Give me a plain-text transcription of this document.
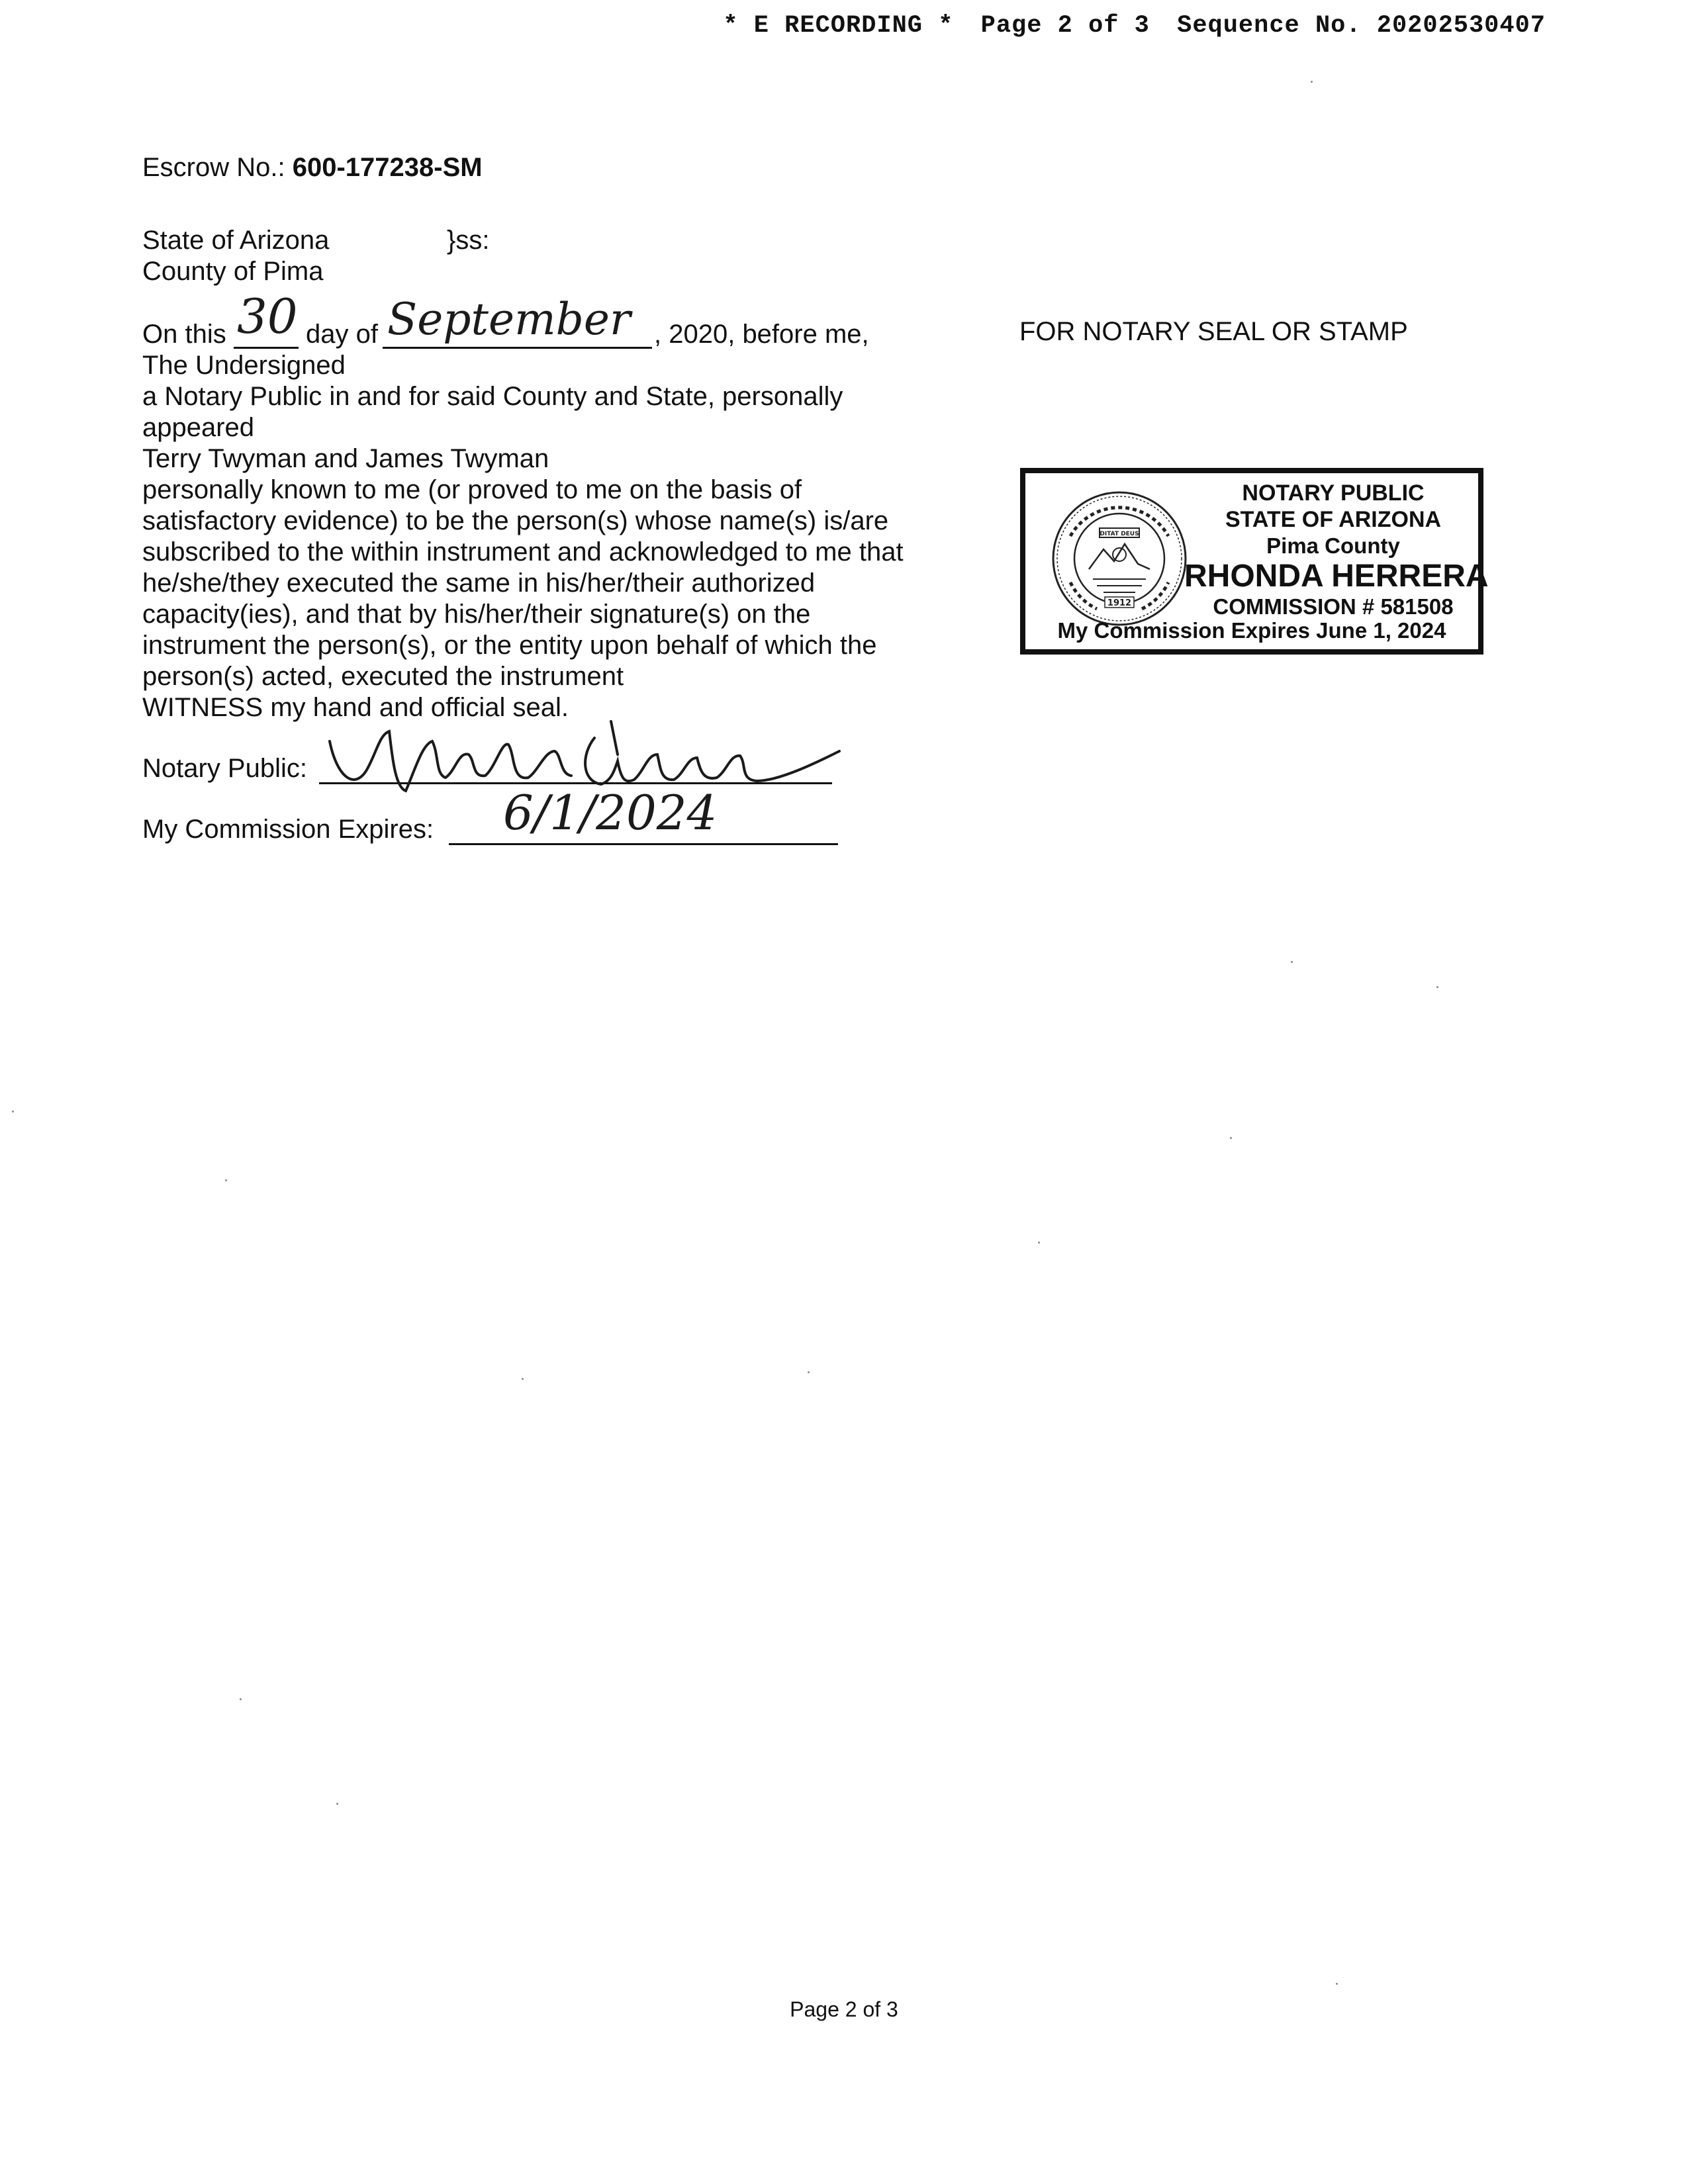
* E RECORDING * Page 2 of 3 Sequence No. 20202530407
Escrow No.: 600-177238-SM
State of Arizona	}ss:
County of Pima
On this 30 day of September , 2020, before me,
The Undersigned
a Notary Public in and for said County and State, personally
appeared
Terry Twyman and James Twyman
personally known to me (or proved to me on the basis of
satisfactory evidence) to be the person(s) whose name(s) is/are
subscribed to the within instrument and acknowledged to me that
he/she/they executed the same in his/her/their authorized
capacity(ies), and that by his/her/their signature(s) on the
instrument the person(s), or the entity upon behalf of which the
person(s) acted, executed the instrument
WITNESS my hand and official seal.
Notary Public:
My Commission Expires: 6/1/2024
FOR NOTARY SEAL OR STAMP
DITAT DEUS
1912
NOTARY PUBLIC
STATE OF ARIZONA
Pima County
RHONDA HERRERA
COMMISSION # 581508
My Commission Expires June 1, 2024
Page 2 of 3
